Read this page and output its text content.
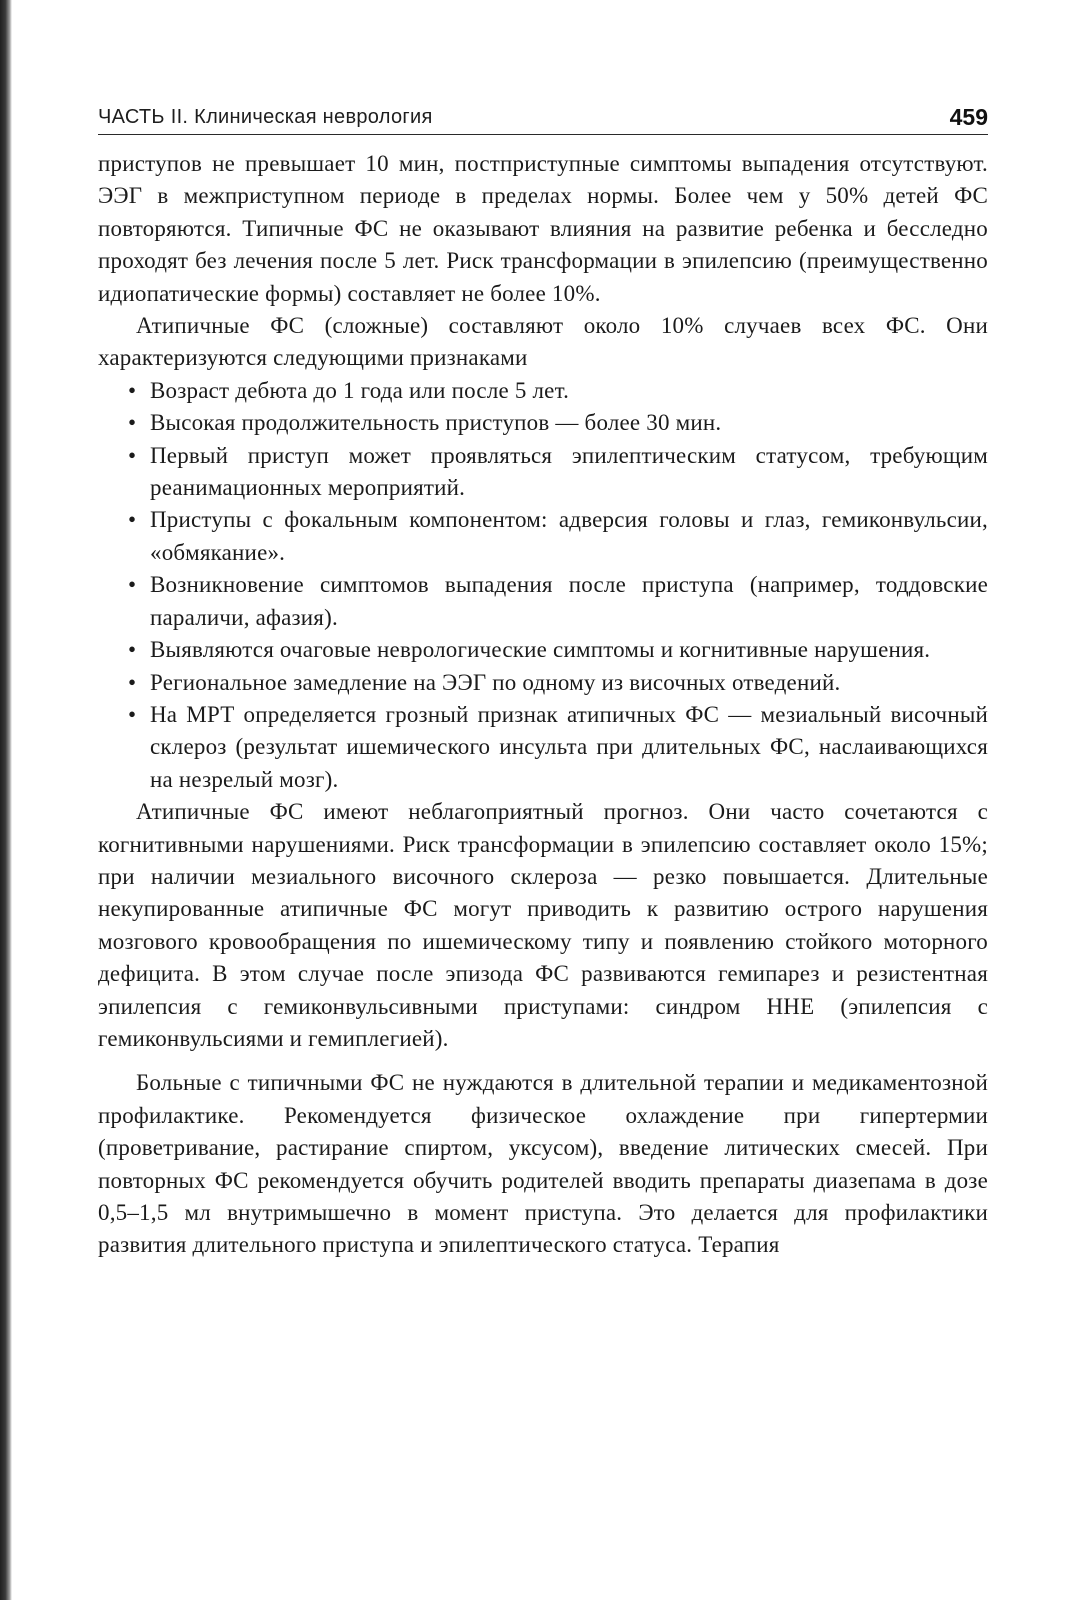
ЧАСТЬ II. Клиническая неврология	459

приступов не превышает 10 мин, постприступные симптомы выпадения отсутствуют. ЭЭГ в межприступном периоде в пределах нормы. Более чем у 50% детей ФС повторяются. Типичные ФС не оказывают влияния на развитие ребенка и бесследно проходят без лечения после 5 лет. Риск трансформации в эпилепсию (преимущественно идиопатические формы) составляет не более 10%.

Атипичные ФС (сложные) составляют около 10% случаев всех ФС. Они характеризуются следующими признаками

• Возраст дебюта до 1 года или после 5 лет.
• Высокая продолжительность приступов — более 30 мин.
• Первый приступ может проявляться эпилептическим статусом, требующим реанимационных мероприятий.
• Приступы с фокальным компонентом: адверсия головы и глаз, гемиконвульсии, «обмякание».
• Возникновение симптомов выпадения после приступа (например, тоддовские параличи, афазия).
• Выявляются очаговые неврологические симптомы и когнитивные нарушения.
• Региональное замедление на ЭЭГ по одному из височных отведений.
• На МРТ определяется грозный признак атипичных ФС — мезиальный височный склероз (результат ишемического инсульта при длительных ФС, наслаивающихся на незрелый мозг).

Атипичные ФС имеют неблагоприятный прогноз. Они часто сочетаются с когнитивными нарушениями. Риск трансформации в эпилепсию составляет около 15%; при наличии мезиального височного склероза — резко повышается. Длительные некупированные атипичные ФС могут приводить к развитию острого нарушения мозгового кровообращения по ишемическому типу и появлению стойкого моторного дефицита. В этом случае после эпизода ФС развиваются гемипарез и резистентная эпилепсия с гемиконвульсивными приступами: синдром HHE (эпилепсия с гемиконвульсиями и гемиплегией).

Больные с типичными ФС не нуждаются в длительной терапии и медикаментозной профилактике. Рекомендуется физическое охлаждение при гипертермии (проветривание, растирание спиртом, уксусом), введение литических смесей. При повторных ФС рекомендуется обучить родителей вводить препараты диазепама в дозе 0,5–1,5 мл внутримышечно в момент приступа. Это делается для профилактики развития длительного приступа и эпилептического статуса. Терапия
